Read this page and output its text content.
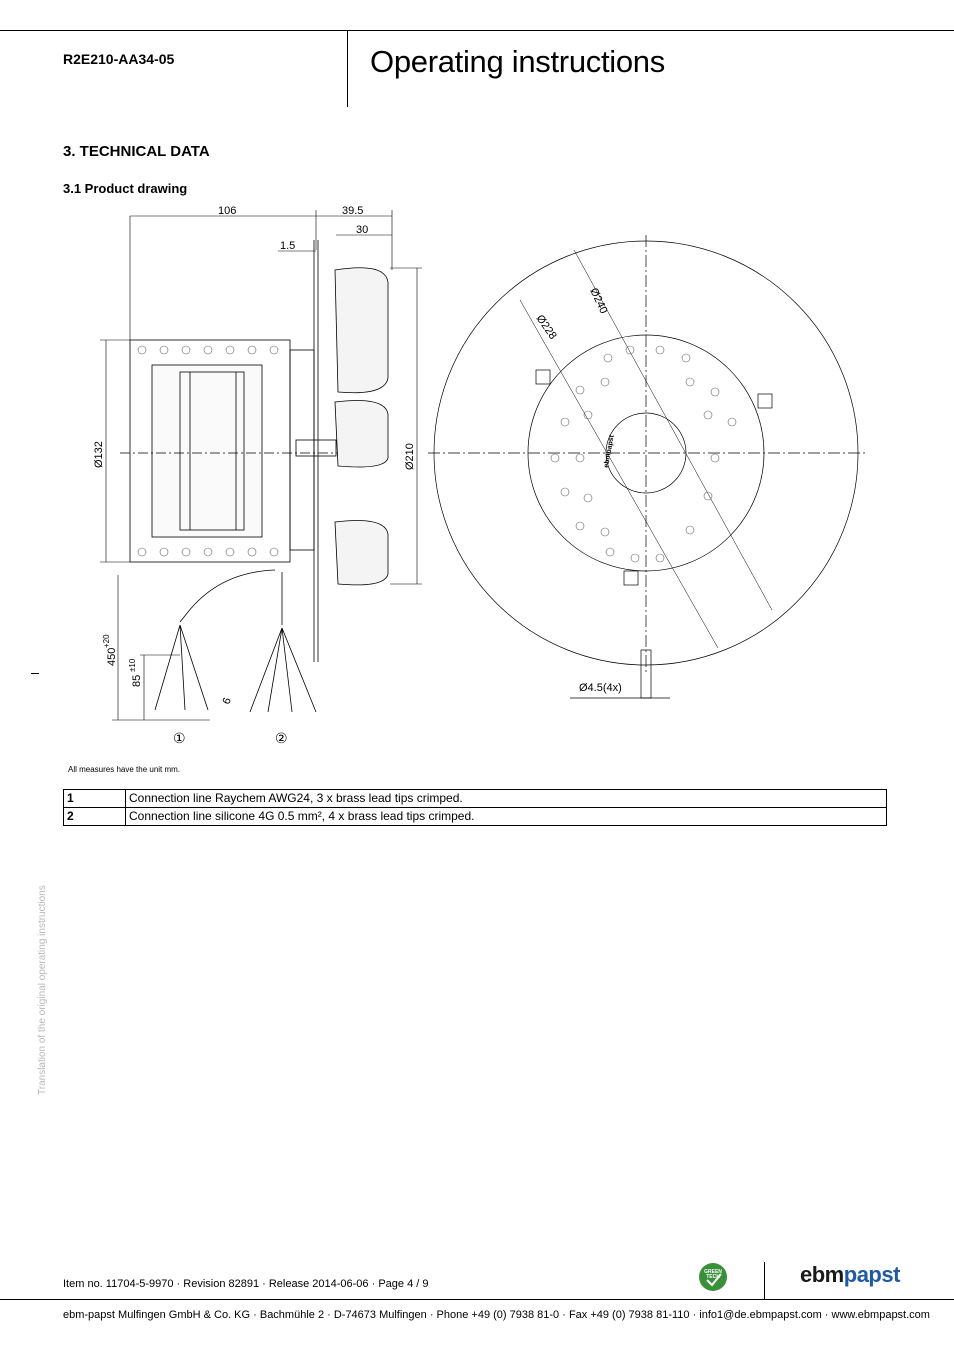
R2E210-AA34-05	Operating instructions
3. TECHNICAL DATA
3.1 Product drawing
106	39.5
30
1.5
Ø132	Ø210
Ø240
Ø228
450
+20
85
±10
6
Ø4.5(4x)
①	②
ebmpapst
All measures have the unit mm.
1	Connection line Raychem AWG24, 3 x brass lead tips crimped.
2	Connection line silicone 4G 0.5 mm², 4 x brass lead tips crimped.
Translation of the original operating instructions
Item no. 11704-5-9970 · Revision 82891 · Release 2014-06-06 · Page 4 / 9
GREEN
TECH	ebmpapst
ebm-papst Mulfingen GmbH & Co. KG · Bachmühle 2 · D-74673 Mulfingen · Phone +49 (0) 7938 81-0 · Fax +49 (0) 7938 81-110 · info1@de.ebmpapst.com · www.ebmpapst.com
